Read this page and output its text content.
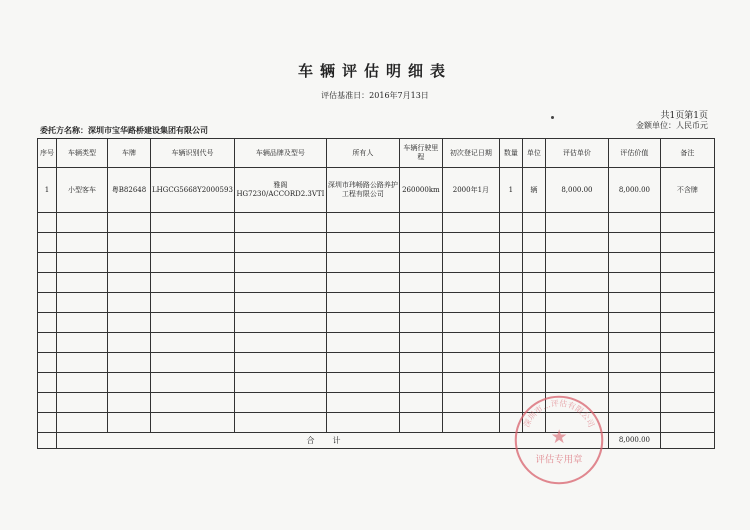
车辆评估明细表
评估基准日：2016年7月13日
共1页第1页
金额单位：人民币元
委托方名称：深圳市宝华路桥建设集团有限公司
序号	车辆类型	车牌	车辆识别代号	车辆品牌及型号	所有人	车辆行驶里程	初次登记日期	数量	单位	评估单价	评估价值	备注
1	小型客车	粤B82648	LHGCG5668Y2000593	雅阁
HG7230/ACCORD2.3VTI	深圳市玮畅路公路养护工程有限公司	260000km	2000年1月	1	辆	8,000.00	8,000.00	不含牌

	合计										8,000.00	
深圳市…评估有限公司
★
评估专用章
